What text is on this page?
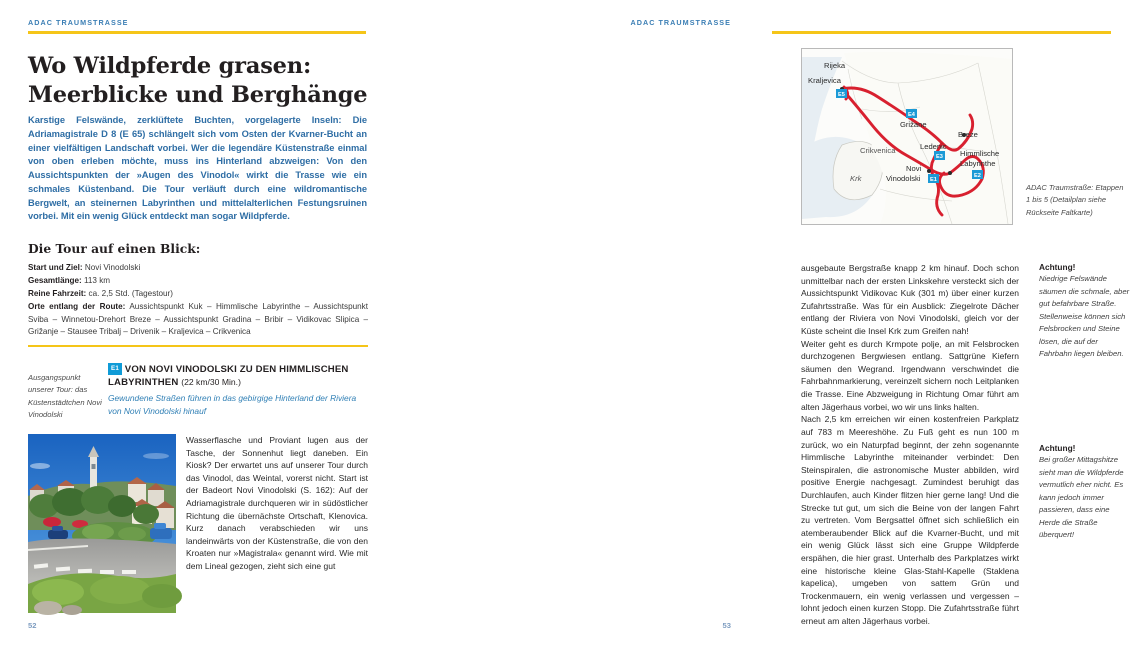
ADAC TRAUMSTRASSE
Wo Wildpferde grasen: Meerblicke und Berghänge
Karstige Felswände, zerklüftete Buchten, vorgelagerte Inseln: Die Adriamagistrale D 8 (E 65) schlängelt sich vom Osten der Kvarner-Bucht an einer vielfältigen Landschaft vorbei. Wer die legendäre Küstenstraße einmal von oben erleben möchte, muss ins Hinterland abzweigen: Von den Aussichtspunkten der »Augen des Vinodol« wirkt die Trasse wie ein schmales Küstenband. Die Tour verläuft durch eine wildromantische Bergwelt, an steinernen Labyrinthen und mittelalterlichen Festungsruinen vorbei. Mit ein wenig Glück entdeckt man sogar Wildpferde.
Die Tour auf einen Blick:
Start und Ziel: Novi Vinodolski
Gesamtlänge: 113 km
Reine Fahrzeit: ca. 2,5 Std. (Tagestour)
Orte entlang der Route: Aussichtspunkt Kuk – Himmlische Labyrinthe – Aussichtspunkt Sviba – Winnetou-Drehort Breze – Aussichtspunkt Gradina – Bribir – Vidikovac Slipica – Grižanje – Stausee Tribalj – Drivenik – Kraljevica – Crikvenica
Ausgangspunkt unserer Tour: das Küstenstädtchen Novi Vinodolski
E1 VON NOVI VINODOLSKI ZU DEN HIMMLISCHEN LABYRINTHEN (22 km/30 Min.)
Gewundene Straßen führen in das gebirgige Hinterland der Riviera von Novi Vinodolski hinauf
Wasserflasche und Proviant lugen aus der Tasche, der Sonnenhut liegt daneben. Ein Kiosk? Der erwartet uns auf unserer Tour durch das Vinodol, das Weintal, vorerst nicht. Start ist der Badeort Novi Vinodolski (S. 162): Auf der Adriamagistrale durchqueren wir in südöstlicher Richtung die übernächste Ortschaft, Klenovica. Kurz danach verabschieden wir uns landeinwärts von der Küstenstraße, die von den Kroaten nur »Magistrala« genannt wird. Wie mit dem Lineal gezogen, zieht sich eine gut
52
ADAC TRAUMSTRASSE
Rijeka
Kraljevica
Grižane
Breze
Ledenic
Crikvenica	Himmlische
Labyrinthe
Novi
Vinodolski
Krk
E5
E4
E3
E1
E2
ADAC Traumstraße: Etappen 1 bis 5 (Detailplan siehe Rückseite Faltkarte)

ausgebaute Bergstraße knapp 2 km hinauf. Doch schon unmittelbar nach der ersten Linkskehre versteckt sich der Aussichtspunkt Vidikovac Kuk (301 m) über einer kurzen Zufahrtsstraße. Was für ein Ausblick: Ziegelrote Dächer entlang der Riviera von Novi Vinodolski, gleich vor der Küste scheint die Insel Krk zum Greifen nah!

Weiter geht es durch Krmpote polje, an mit Felsbrocken durchzogenen Bergwiesen entlang. Sattgrüne Kiefern säumen den Wegrand. Irgendwann verschwindet die Fahrbahnmarkierung, vereinzelt sichern noch Leitplanken die Trasse. Eine Abzweigung in Richtung Omar führt am alten Jägerhaus vorbei, wo wir uns links halten.

Nach 2,5 km erreichen wir einen kostenfreien Parkplatz auf 783 m Meereshöhe. Zu Fuß geht es nun 100 m zurück, wo ein Naturpfad beginnt, der zehn sogenannte Himmlische Labyrinthe miteinander verbindet: Den Steinspiralen, die astronomische Muster abbilden, wird positive Energie nachgesagt. Zumindest beruhigt das Durchlaufen, auch Kinder flitzen hier gerne lang! Und die Strecke tut gut, um sich die Beine von der langen Fahrt zu vertreten. Vom Bergsattel öffnet sich schließlich ein atemberaubender Blick auf die Kvarner-Bucht, und mit ein wenig Glück lässt sich eine Gruppe Wildpferde erspähen, die hier grast. Unterhalb des Parkplatzes wirkt eine historische kleine Glas-Stahl-Kapelle (Staklena kapelica), umgeben von sattem Grün und Trockenmauern, ein wenig verlassen und vergessen – lohnt jedoch einen kurzen Stopp. Die Zufahrtsstraße führt erneut am alten Jägerhaus vorbei.

Achtung!

Niedrige Felswände säumen die schmale, aber gut befahrbare Straße. Stellenweise können sich Felsbrocken und Steine lösen, die auf der Fahrbahn liegen bleiben.

Achtung!

Bei großer Mittagshitze sieht man die Wildpferde vermutlich eher nicht. Es kann jedoch immer passieren, dass eine Herde die Straße überquert!

53
